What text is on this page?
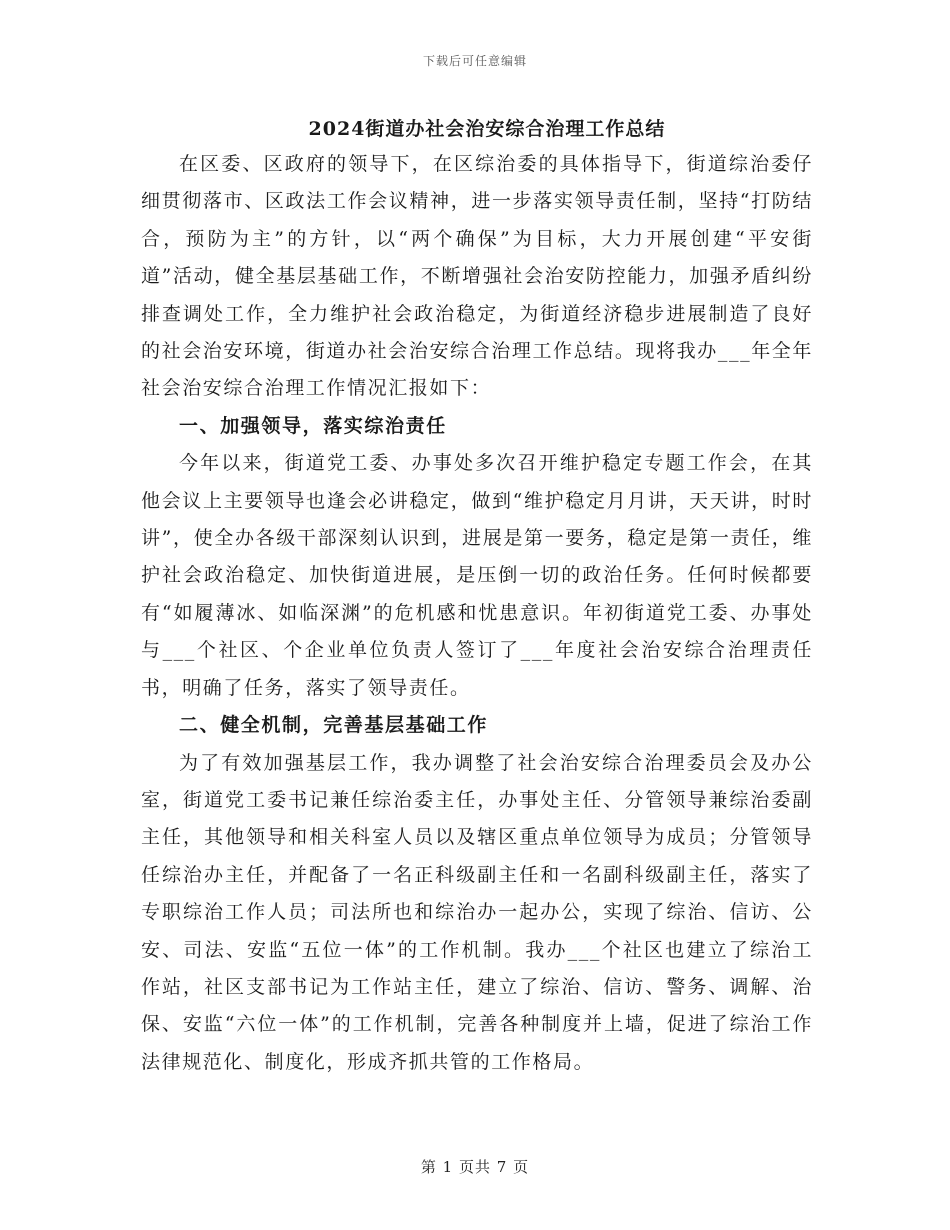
下载后可任意编辑
2024街道办社会治安综合治理工作总结

在区委、区政府的领导下，在区综治委的具体指导下，街道综治委仔细贯彻落市、区政法工作会议精神，进一步落实领导责任制，坚持“打防结合，预防为主”的方针，以“两个确保”为目标，大力开展创建“平安街道”活动，健全基层基础工作，不断增强社会治安防控能力，加强矛盾纠纷排查调处工作，全力维护社会政治稳定，为街道经济稳步进展制造了良好的社会治安环境，街道办社会治安综合治理工作总结。现将我办___年全年社会治安综合治理工作情况汇报如下：

一、加强领导，落实综治责任

今年以来，街道党工委、办事处多次召开维护稳定专题工作会，在其他会议上主要领导也逢会必讲稳定，做到“维护稳定月月讲，天天讲，时时讲”，使全办各级干部深刻认识到，进展是第一要务，稳定是第一责任，维护社会政治稳定、加快街道进展，是压倒一切的政治任务。任何时候都要有“如履薄冰、如临深渊”的危机感和忧患意识。年初街道党工委、办事处与___个社区、个企业单位负责人签订了___年度社会治安综合治理责任书，明确了任务，落实了领导责任。

二、健全机制，完善基层基础工作

为了有效加强基层工作，我办调整了社会治安综合治理委员会及办公室，街道党工委书记兼任综治委主任，办事处主任、分管领导兼综治委副主任，其他领导和相关科室人员以及辖区重点单位领导为成员；分管领导任综治办主任，并配备了一名正科级副主任和一名副科级副主任，落实了专职综治工作人员；司法所也和综治办一起办公，实现了综治、信访、公安、司法、安监“五位一体”的工作机制。我办___个社区也建立了综治工作站，社区支部书记为工作站主任，建立了综治、信访、警务、调解、治保、安监“六位一体”的工作机制，完善各种制度并上墙，促进了综治工作法律规范化、制度化，形成齐抓共管的工作格局。

第 1 页共 7 页
